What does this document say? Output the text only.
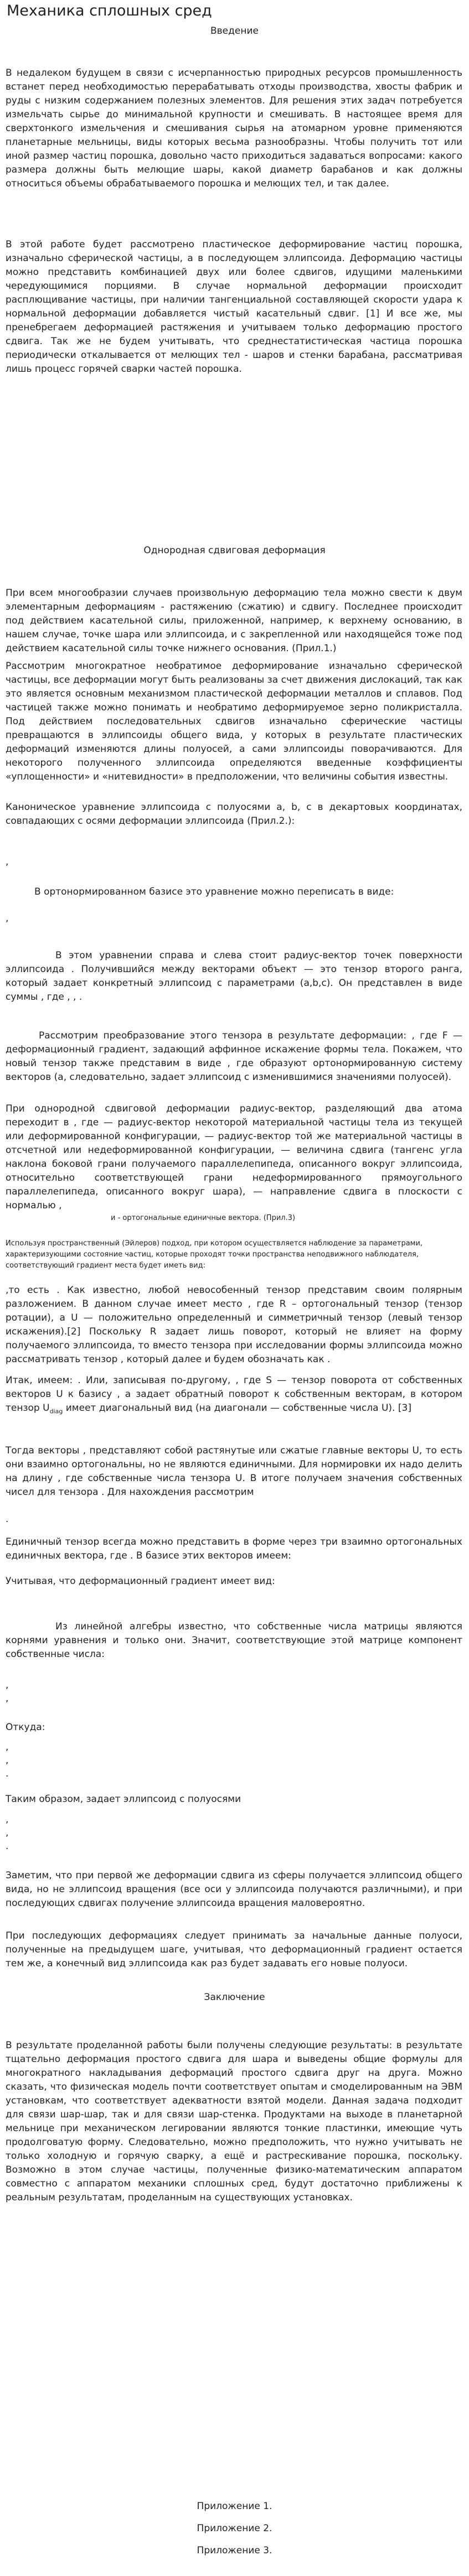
Механика сплошных сред
Введение

В недалеком будущем в связи с исчерпанностью природных ресурсов промышленность встанет перед необходимостью перерабатывать отходы производства, хвосты фабрик и руды с низким содержанием полезных элементов. Для решения этих задач потребуется измельчать сырье до минимальной крупности и смешивать. В настоящее время для сверхтонкого измельчения и смешивания сырья на атомарном уровне применяются планетарные мельницы, виды которых весьма разнообразны. Чтобы получить тот или иной размер частиц порошка, довольно часто приходиться задаваться вопросами: какого размера должны быть мелющие шары, какой диаметр барабанов и как должны относиться объемы обрабатываемого порошка и мелющих тел, и так далее.

В этой работе будет рассмотрено пластическое деформирование частиц порошка, изначально сферической частицы, а в последующем эллипсоида. Деформацию частицы можно представить комбинацией двух или более сдвигов, идущими маленькими чередующимися порциями. В случае нормальной деформации происходит расплющивание частицы, при наличии тангенциальной составляющей скорости удара к нормальной деформации добавляется чистый касательный сдвиг. [1] И все же, мы пренебрегаем деформацией растяжения и учитываем только деформацию простого сдвига. Так же не будем учитывать, что среднестатистическая частица порошка периодически откалывается от мелющих тел - шаров и стенки барабана, рассматривая лишь процесс горячей сварки частей порошка.

Однородная сдвиговая деформация

При всем многообразии случаев произвольную деформацию тела можно свести к двум элементарным деформациям - растяжению (сжатию) и сдвигу. Последнее происходит под действием касательной силы, приложенной, например, к верхнему основанию, в нашем случае, точке шара или эллипсоида, и с закрепленной или находящейся тоже под действием касательной силы точке нижнего основания. (Прил.1.)

Рассмотрим многократное необратимое деформирование изначально сферической частицы, все деформации могут быть реализованы за счет движения дислокаций, так как это является основным механизмом пластической деформации металлов и сплавов. Под частицей также можно понимать и необратимо деформируемое зерно поликристалла. Под действием последовательных сдвигов изначально сферические частицы превращаются в эллипсоиды общего вида, у которых в результате пластических деформаций изменяются длины полуосей, а сами эллипсоиды поворачиваются. Для некоторого полученного эллипсоида определяются введенные коэффициенты «уплощенности» и «нитевидности» в предположении, что величины события известны.

Каноническое уравнение эллипсоида с полуосями a, b, c в декартовых координатах, совпадающих с осями деформации эллипсоида (Прил.2.):

,

В ортонормированном базисе это уравнение можно переписать в виде:

,

В этом уравнении справа и слева стоит радиус-вектор точек поверхности эллипсоида . Получившийся между векторами объект — это тензор второго ранга, который задает конкретный эллипсоид с параметрами (a,b,c). Он представлен в виде суммы , где , , .

Рассмотрим преобразование этого тензора в результате деформации: , где F — деформационный градиент, задающий аффинное искажение формы тела. Покажем, что новый тензор также представим в виде , где образуют ортонормированную систему векторов (а, следовательно, задает эллипсоид с изменившимися значениями полуосей).

При однородной сдвиговой деформации радиус-вектор, разделяющий два атома переходит в , где — радиус-вектор некоторой материальной частицы тела из текущей или деформированной конфигурации, — радиус-вектор той же материальной частицы в отсчетной или недеформированной конфигурации, — величина сдвига (тангенс угла наклона боковой грани получаемого параллелепипеда, описанного вокруг эллипсоида, относительно соответствующей грани недеформированного прямоугольного параллелепипеда, описанного вокруг шара), — направление сдвига в плоскости с нормалью ,

и - ортогональные единичные вектора. (Прил.3)

Используя пространственный (Эйлеров) подход, при котором осуществляется наблюдение за параметрами, характеризующими состояние частиц, которые проходят точки пространства неподвижного наблюдателя, соответствующий градиент места будет иметь вид:

,то есть . Как известно, любой невособенный тензор представим своим полярным разложением. В данном случае имеет место , где R – ортогональный тензор (тензор ротации), а U — положительно определенный и симметричный тензор (левый тензор искажения).[2] Поскольку R задает лишь поворот, который не влияет на форму получаемого эллипсоида, то вместо тензора при исследовании формы эллипсоида можно рассматривать тензор , который далее и будем обозначать как .

Итак, имеем: . Или, записывая по-другому, , где S — тензор поворота от собственных векторов U к базису , а задает обратный поворот к собственным векторам, в котором тензор $U_{diag}$ имеет диагональный вид (на диагонали — собственные числа U). [3]

Тогда векторы , представляют собой растянутые или сжатые главные векторы U, то есть они взаимно ортогональны, но не являются единичными. Для нормировки их надо делить на длину , где собственные числа тензора U. В итоге получаем значения собственных чисел для тензора . Для нахождения рассмотрим

.

Единичный тензор всегда можно представить в форме через три взаимно ортогональных единичных вектора, где . В базисе этих векторов имеем:

Учитывая, что деформационный градиент имеет вид:

Из линейной алгебры известно, что собственные числа матрицы являются корнями уравнения и только они. Значит, соответствующие этой матрице компонент собственные числа:

,

,

Откуда:

,

,

.

Таким образом, задает эллипсоид с полуосями

,

,

.

Заметим, что при первой же деформации сдвига из сферы получается эллипсоид общего вида, но не эллипсоид вращения (все оси у эллипсоида получаются различными), и при последующих сдвигах получение эллипсоида вращения маловероятно.

При последующих деформациях следует принимать за начальные данные полуоси, полученные на предыдущем шаге, учитывая, что деформационный градиент остается тем же, а конечный вид эллипсоида как раз будет задавать его новые полуоси.

Заключение

В результате проделанной работы были получены следующие результаты: в результате тщательно деформация простого сдвига для шара и выведены общие формулы для многократного накладывания деформаций простого сдвига друг на друга. Можно сказать, что физическая модель почти соответствует опытам и смоделированным на ЭВМ установкам, что соответствует адекватности взятой модели. Данная задача подходит для связи шар-шар, так и для связи шар-стенка. Продуктами на выходе в планетарной мельнице при механическом легировании являются тонкие пластинки, имеющие чуть продолговатую форму. Следовательно, можно предположить, что нужно учитывать не только холодную и горячую сварку, а ещё и растрескивание порошка, поскольку. Возможно в этом случае частицы, полученные физико-математическим аппаратом совместно с аппаратом механики сплошных сред, будут достаточно приближены к реальным результатам, проделанным на существующих установках.

Приложение 1.

Приложение 2.

Приложение 3.
